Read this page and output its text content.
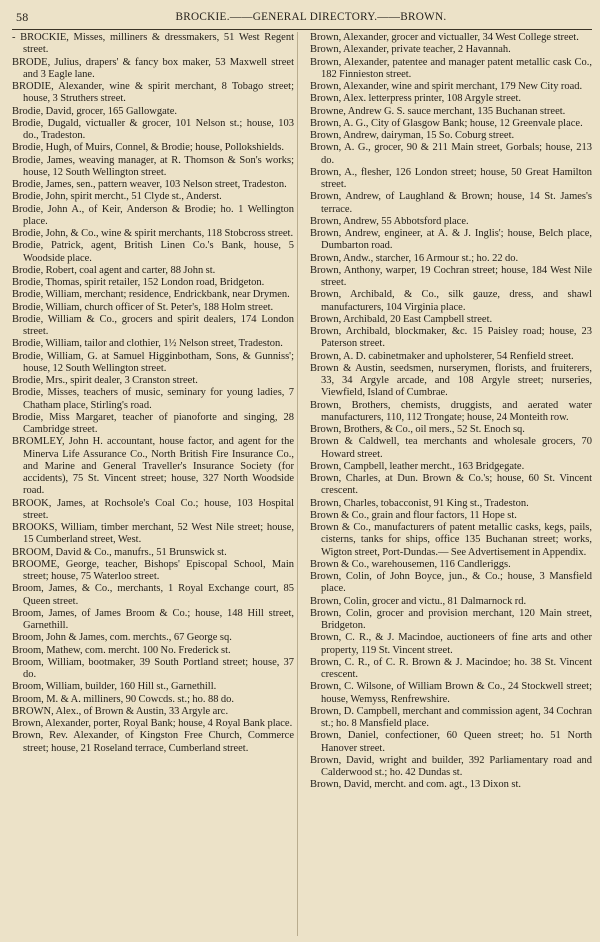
58	BROCKIE.——GENERAL DIRECTORY.——BROWN.
- BROCKIE, Misses, milliners & dressmakers, 51 West Regent street.
BRODE, Julius, drapers' & fancy box maker, 53 Maxwell street and 3 Eagle lane.
BRODIE, Alexander, wine & spirit merchant, 8 Tobago street; house, 3 Struthers street.
Brodie, David, grocer, 165 Gallowgate.
Brodie, Dugald, victualler & grocer, 101 Nelson st.; house, 103 do., Tradeston.
Brodie, Hugh, of Muirs, Connel, & Brodie; house, Pollokshields.
Brodie, James, weaving manager, at R. Thomson & Son's works; house, 12 South Wellington street.
Brodie, James, sen., pattern weaver, 103 Nelson street, Tradeston.
Brodie, John, spirit mercht., 51 Clyde st., Anderst.
Brodie, John A., of Keir, Anderson & Brodie; ho. 1 Wellington place.
Brodie, John, & Co., wine & spirit merchants, 118 Stobcross street.
Brodie, Patrick, agent, British Linen Co.'s Bank, house, 5 Woodside place.
Brodie, Robert, coal agent and carter, 88 John st.
Brodie, Thomas, spirit retailer, 152 London road, Bridgeton.
Brodie, William, merchant; residence, Endrickbank, near Drymen.
Brodie, William, church officer of St. Peter's, 188 Holm street.
Brodie, William & Co., grocers and spirit dealers, 174 London street.
Brodie, William, tailor and clothier, 1½ Nelson street, Tradeston.
Brodie, William, G. at Samuel Higginbotham, Sons, & Gunniss'; house, 12 South Wellington street.
Brodie, Mrs., spirit dealer, 3 Cranston street.
Brodie, Misses, teachers of music, seminary for young ladies, 7 Chatham place, Stirling's road.
Brodie, Miss Margaret, teacher of pianoforte and singing, 28 Cambridge street.
BROMLEY, John H. accountant, house factor, and agent for the Minerva Life Assurance Co., North British Fire Insurance Co., and Marine and General Traveller's Insurance Society (for accidents), 75 St. Vincent street; house, 327 North Woodside road.
BROOK, James, at Rochsole's Coal Co.; house, 103 Hospital street.
BROOKS, William, timber merchant, 52 West Nile street; house, 15 Cumberland street, West.
BROOM, David & Co., manufrs., 51 Brunswick st.
BROOME, George, teacher, Bishops' Episcopal School, Main street; house, 75 Waterloo street.
Broom, James, & Co., merchants, 1 Royal Exchange court, 85 Queen street.
Broom, James, of James Broom & Co.; house, 148 Hill street, Garnethill.
Broom, John & James, com. merchts., 67 George sq.
Broom, Mathew, com. mercht. 100 No. Frederick st.
Broom, William, bootmaker, 39 South Portland street; house, 37 do.
Broom, William, builder, 160 Hill st., Garnethill.
Broom, M. & A. milliners, 90 Cowcds. st.; ho. 88 do.
BROWN, Alex., of Brown & Austin, 33 Argyle arc.
Brown, Alexander, porter, Royal Bank; house, 4 Royal Bank place.
Brown, Rev. Alexander, of Kingston Free Church, Commerce street; house, 21 Roseland terrace, Cumberland street.
Brown, Alexander, grocer and victualler, 34 West College street.
Brown, Alexander, private teacher, 2 Havannah.
Brown, Alexander, patentee and manager patent metallic cask Co., 182 Finnieston street.
Brown, Alexander, wine and spirit merchant, 179 New City road.
Brown, Alex. letterpress printer, 108 Argyle street.
Browne, Andrew G. S. sauce merchant, 135 Buchanan street.
Brown, A. G., City of Glasgow Bank; house, 12 Greenvale place.
Brown, Andrew, dairyman, 15 So. Coburg street.
Brown, A. G., grocer, 90 & 211 Main street, Gorbals; house, 213 do.
Brown, A., flesher, 126 London street; house, 50 Great Hamilton street.
Brown, Andrew, of Laughland & Brown; house, 14 St. James's terrace.
Brown, Andrew, 55 Abbotsford place.
Brown, Andrew, engineer, at A. & J. Inglis'; house, Belch place, Dumbarton road.
Brown, Andw., starcher, 16 Armour st.; ho. 22 do.
Brown, Anthony, warper, 19 Cochran street; house, 184 West Nile street.
Brown, Archibald, & Co., silk gauze, dress, and shawl manufacturers, 104 Virginia place.
Brown, Archibald, 20 East Campbell street.
Brown, Archibald, blockmaker, &c. 15 Paisley road; house, 23 Paterson street.
Brown, A. D. cabinetmaker and upholsterer, 54 Renfield street.
Brown & Austin, seedsmen, nurserymen, florists, and fruiterers, 33, 34 Argyle arcade, and 108 Argyle street; nurseries, Viewfield, Island of Cumbrae.
Brown, Brothers, chemists, druggists, and aerated water manufacturers, 110, 112 Trongate; house, 24 Monteith row.
Brown, Brothers, & Co., oil mers., 52 St. Enoch sq.
Brown & Caldwell, tea merchants and wholesale grocers, 70 Howard street.
Brown, Campbell, leather mercht., 163 Bridgegate.
Brown, Charles, at Dun. Brown & Co.'s; house, 60 St. Vincent crescent.
Brown, Charles, tobacconist, 91 King st., Tradeston.
Brown & Co., grain and flour factors, 11 Hope st.
Brown & Co., manufacturers of patent metallic casks, kegs, pails, cisterns, tanks for ships, office 135 Buchanan street; works, Wigton street, Port-Dundas.— See Advertisement in Appendix.
Brown & Co., warehousemen, 116 Candleriggs.
Brown, Colin, of John Boyce, jun., & Co.; house, 3 Mansfield place.
Brown, Colin, grocer and victu., 81 Dalmarnock rd.
Brown, Colin, grocer and provision merchant, 120 Main street, Bridgeton.
Brown, C. R., & J. Macindoe, auctioneers of fine arts and other property, 119 St. Vincent street.
Brown, C. R., of C. R. Brown & J. Macindoe; ho. 38 St. Vincent crescent.
Brown, C. Wilsone, of William Brown & Co., 24 Stockwell street; house, Wemyss, Renfrewshire.
Brown, D. Campbell, merchant and commission agent, 34 Cochran st.; ho. 8 Mansfield place.
Brown, Daniel, confectioner, 60 Queen street; ho. 51 North Hanover street.
Brown, David, wright and builder, 392 Parliamentary road and Calderwood st.; ho. 42 Dundas st.
Brown, David, mercht. and com. agt., 13 Dixon st.
